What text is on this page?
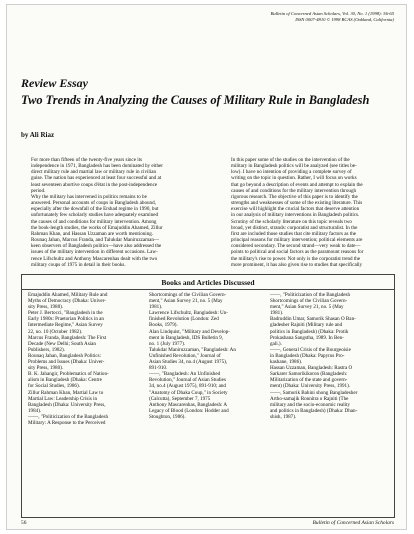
Bulletin of Concerned Asian Scholars, Vol. 30, No. 1 (1998): 56-65
ISSN 0007-4810 © 1998 BCAS (Oakland, California)
Review Essay
Two Trends in Analyzing the Causes of Military Rule in Bangladesh
by Ali Riaz
For more than fifteen of the twenty-five years since its
independence in 1971, Bangladesh has been dominated by either
direct military rule and martial law or military rule in civilian
guise. The nation has experienced at least four successful and at
least seventeen abortive coups d'état in the post-independence
period.
Why the military has intervened in politics remains to be
answered. Personal accounts of coups in Bangladesh abound,
especially after the downfall of the Ershad regime in 1990, but
unfortunately few scholarly studies have adequately examined
the causes of and conditions for military intervention. Among
the book-length studies, the works of Emajuddin Ahamed, Zillur
Rahman Khan, and Hassan Uzzaman are worth mentioning.
Rounaq Jahan, Marcus Franda, and Talukdar Maniruzzaman—
keen observers of Bangladesh politics—have also addressed the
issues of the military intervention in different occasions. Law-
rence Lifschultz and Anthony Mascarenhas dealt with the two
military coups of 1975 in detail in their books.
In this paper some of the studies on the intervention of the
military in Bangladesh politics will be analyzed (see titles be-
low). I have no intention of providing a complete survey of
writing on the topic in question. Rather, I will focus on works
that go beyond a description of events and attempt to explain the
causes of and conditions for the military intervention through
rigorous research. The objective of this paper is to identify the
strengths and weaknesses of some of the existing literature. This
exercise will highlight the crucial factors that deserve attention
in our analysis of military interventions in Bangladesh politics.
Scrutiny of the scholarly literature on this topic reveals two
broad, yet distinct, strands: corporatist and structuralist. In the
first are included those studies that cite military factors as the
principal reasons for military intervention; political elements are
considered secondary. The second strand—very weak to date—
points to political and social factors as the paramount reasons for
the military's rise to power. Not only is the corporatist trend the
more prominent, it has also given rise to studies that specifically
Books and Articles Discussed
Emajuddin Ahamed, Military Rule and
Myths of Democracy (Dhaka: Univer-
sity Press, 1988).
Peter J. Bertocci, "Bangladesh in the
Early 1980s: Praetorian Politics in an
Intermediate Regime," Asian Survey
22, no. 10 (October 1982).
Marcus Franda, Bangladesh: The First
Decade (New Delhi; South Asian
Publishers, 1982).
Rounaq Jahan, Bangladesh Politics:
Problems and Issues (Dhaka: Univer-
sity Press, 1980).
B. K. Jahangir, Problematics of Nation-
alism in Bangladesh (Dhaka: Centre
for Social Studies, 1986).
Zillur Rahman Khan, Martial Law to
Martial Law: Leadership Crisis in
Bangladesh (Dhaka: University Press,
1984).
——, "Politicization of the Bangladesh
Military: A Response to the Perceived
Shortcomings of the Civilian Govern-
ment," Asian Survey 21, no. 5 (May
1981).
Lawrence Lifschultz, Bangladesh: Un-
finished Revolution (London: Zed
Books, 1979).
Alan Lindquist, "Military and Develop-
ment in Bangladesh, IDS Bulletin 9,
no. 1 (July 1977).
Talukdar Maniruzzaman, "Bangladesh: An
Unfinished Revolution," Journal of
Asian Studies 34, no.4 (August 1975),
891-910.
——, "Bangladesh: An Unfinished
Revolution," Journal of Asian Studies
34, no.4 (August 1975), 891-910; and
"Anatomy of Dhaka Coup," in Society
(Calcutta), September 7, 1975
Anthony Mascarenhas, Bangladesh: A
Legacy of Blood (London: Hodder and
Stoughton, 1986).
——, "Politicization of the Bangladesh
Shortcomings of the Civilian Govern-
ment," Asian Survey 21, no. 5 (May
1981).
Badruddin Umar, Samorik Shasan O Ban-
gladesher Rajniti (Military rule and
politics in Bangladesh) (Dhaka: Protik
Prokashana Sangstha, 1989. In Ben-
gali.).
——, General Crisis of the Bourgeoisie
in Bangladesh (Dhaka: Papyrus Pro-
kashane, 1986).
Hassan Uzzaman, Bangladesh: Rastra O
Sarkarer Samorikikoron (Bangladesh:
Militarization of the state and govern-
ment) (Dhaka: University Press, 1991).
——, Samorik Bahini shong Bangladesher
Artho-samajik Ronnitra o Rajniti (The
military and the socio-economic reality
and politics in Bangladesh) (Dhaka: Dhan-
shish, 1987).
56	Bulletin of Concerned Asian Scholars
